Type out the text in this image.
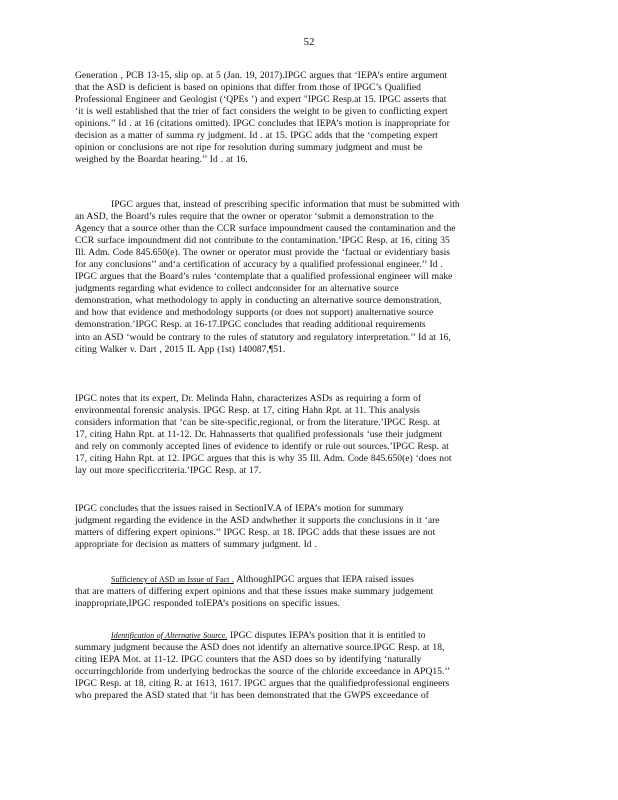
52
Generation , PCB 13-15, slip op. at 5 (Jan. 19, 2017).IPGC argues that ‘IEPA’s entire argument
that the ASD is deficient is based on opinions that differ from those of IPGC’s Qualified
Professional Engineer and Geologist (‘QPEs ’) and expert "IPGC Resp.at 15. IPGC asserts that
‘it is well established that the trier of fact considers the weight to be given to conflicting expert
opinions.’’ Id . at 16 (citations omitted). IPGC concludes that IEPA’s motion is inappropriate for
decision as a matter of summa ry judgment. Id . at 15. IPGC adds that the ‘competing expert
opinion or conclusions are not ripe for resolution during summary judgment and must be
weighed by the Boardat hearing.’’ Id . at 16.
IPGC argues that, instead of prescribing specific information that must be submitted with
an ASD, the Board’s rules require that the owner or operator ‘submit a demonstration to the
Agency that a source other than the CCR surface impoundment caused the contamination and the
CCR surface impoundment did not contribute to the contamination.’IPGC Resp. at 16, citing 35
Ill. Adm. Code 845.650(e). The owner or operator must provide the ‘factual or evidentiary basis
for any conclusions’’ and‘a certification of accuracy by a qualified professional engineer.’’ Id .
IPGC argues that the Board’s rules ‘contemplate that a qualified professional engineer will make
judgments regarding what evidence to collect andconsider for an alternative source
demonstration, what methodology to apply in conducting an alternative source demonstration,
and how that evidence and methodology supports (or does not support) analternative source
demonstration.’IPGC Resp. at 16-17.IPGC concludes that reading additional requirements
into an ASD ‘would be contrary to the rules of statutory and regulatory interpretation.’’ Id at 16,
citing Walker v. Dart , 2015 IL App (1st) 140087,¶51.
IPGC notes that its expert, Dr. Melinda Hahn, characterizes ASDs as requiring a form of
environmental forensic analysis. IPGC Resp. at 17, citing Hahn Rpt. at 11. This analysis
considers information that ‘can be site-specific,regional, or from the literature.’IPGC Resp. at
17, citing Hahn Rpt. at 11-12. Dr. Hahnasserts that qualified professionals ‘use their judgment
and rely on commonly accepted lines of evidence to identify or rule out sources.’IPGC Resp. at
17, citing Hahn Rpt. at 12. IPGC argues that this is why 35 Ill. Adm. Code 845.650(e) ‘does not
lay out more specificcriteria.’IPGC Resp. at 17.
IPGC concludes that the issues raised in SectionIV.A of IEPA’s motion for summary
judgment regarding the evidence in the ASD andwhether it supports the conclusions in it ‘are
matters of differing expert opinions.’’ IPGC Resp. at 18. IPGC adds that these issues are not
appropriate for decision as matters of summary judgment. Id .
Sufficiency of ASD an Issue of Fact . AlthoughIPGC argues that IEPA raised issues
that are matters of differing expert opinions and that these issues make summary judgement
inappropriate,IPGC responded toIEPA’s positions on specific issues.
Identification of Alternative Source. IPGC disputes IEPA’s position that it is entitled to
summary judgment because the ASD does not identify an alternative source.IPGC Resp. at 18,
citing IEPA Mot. at 11-12. IPGC counters that the ASD does so by identifying ‘naturally
occurringchloride from underlying bedrockas the source of the chloride exceedance in APQ15.’’
IPGC Resp. at 18, citing R. at 1613, 1617. IPGC argues that the qualifiedprofessional engineers
who prepared the ASD stated that ‘it has been demonstrated that the GWPS exceedance of
